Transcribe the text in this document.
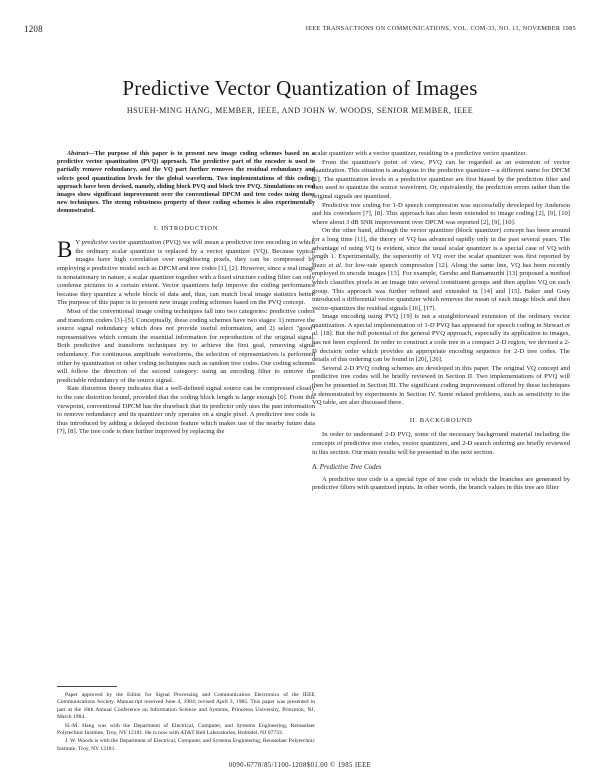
1208	IEEE TRANSACTIONS ON COMMUNICATIONS, VOL. COM-33, NO. 11, NOVEMBER 1985
Predictive Vector Quantization of Images
HSUEH-MING HANG, MEMBER, IEEE, AND JOHN W. WOODS, SENIOR MEMBER, IEEE

Abstract—The purpose of this paper is to present new image coding schemes based on a predictive vector quantization (PVQ) approach. The predictive part of the encoder is used to partially remove redundancy, and the VQ part further removes the residual redundancy and selects good quantization levels for the global waveform. Two implementations of this coding approach have been devised, namely, sliding block PVQ and block tree PVQ. Simulations on real images show significant improvement over the conventional DPCM and tree codes using these new techniques. The strong robustness property of these coding schemes is also experimentally demonstrated.

I. INTRODUCTION

B Y predictive vector quantization (PVQ) we will mean a predictive tree encoding in which the ordinary scalar quantizer is replaced by a vector quantizer (VQ). Because typical images have high correlation over neighboring pixels, they can be compressed by employing a predictive model such as DPCM and tree codes [1], [2]. However, since a real image is nonstationary in nature, a scalar quantizer together with a fixed structure coding filter can only condense pictures to a certain extent. Vector quantizers help improve the coding performance because they quantize a whole block of data and, thus, can match local image statistics better. The purpose of this paper is to present new image coding schemes based on the PVQ concept.

Most of the conventional image coding techniques fall into two categories: predictive coders and transform coders [3]–[5]. Conceptually, these coding schemes have two stages: 1) remove the source signal redundancy which does not provide useful information, and 2) select "good" representatives which contain the essential information for reproduction of the original signal. Both predictive and transform techniques try to achieve the first goal, removing signal redundancy. For continuous amplitude waveforms, the selection of representatives is performed either by quantization or other coding techniques such as random tree codes. Our coding schemes will follow the direction of the second category: using an encoding filter to remove the predictable redundancy of the source signal.

Rate distortion theory indicates that a well-defined signal source can be compressed closely to the rate distortion bound, provided that the coding block length is large enough [6]. From this viewpoint, conventional DPCM has the drawback that its predictor only uses the past information to remove redundancy and its quantizer only operates on a single pixel. A predictive tree code is thus introduced by adding a delayed decision feature which makes use of the nearby future data [7], [8]. The tree code is then further improved by replacing the

scalar quantizer with a vector quantizer, resulting in a predictive vector quantizer.

From the quantizer's point of view, PVQ can be regarded as an extension of vector quantization. This situation is analogous to the predictive quantizer—a different name for DPCM [1]. The quantization levels in a predictive quantizer are first biased by the prediction filter and then used to quantize the source waveform. Or, equivalently, the prediction errors rather than the original signals are quantized.

Predictive tree coding for 1-D speech compression was successfully developed by Anderson and his coworkers [7], [8]. This approach has also been extended to image coding [2], [9], [10] where about 3 dB SNR improvement over DPCM was reported [2], [9], [10].

On the other hand, although the vector quantizer (block quantizer) concept has been around for a long time [11], the theory of VQ has advanced rapidly only in the past several years. The advantage of using VQ is evident, since the usual scalar quantizer is a special case of VQ with length 1. Experimentally, the superiority of VQ over the scalar quantizer was first reported by Buzo et al. for low-rate speech compression [12]. Along the same line, VQ has been recently employed to encode images [13]. For example, Gersho and Ramamurthi [13] proposed a method which classifies pixels in an image into several constituent groups and then applies VQ on each group. This approach was further refined and extended in [14] and [15]. Baker and Gray introduced a differential vector quantizer which removes the mean of each image block and then vector-quantizes the residual signals [16], [17].

Image encoding using PVQ [19] is not a straightforward extension of the ordinary vector quantization. A special implementation of 1-D PVQ has appeared for speech coding in Stewart et al. [18]. But the full potential of the general PVQ approach, especially its application to images, has not been explored. In order to construct a code tree in a compact 2-D region, we devised a 2-D decision order which provides an appropriate encoding sequence for 2-D tree codes. The details of this ordering can be found in [20], [26].

Several 2-D PVQ coding schemes are developed in this paper. The original VQ concept and predictive tree codes will be briefly reviewed in Section II. Two implementations of PVQ will then be presented in Section III. The significant coding improvement offered by these techniques is demonstrated by experiments in Section IV. Some related problems, such as sensitivity to the VQ table, are also discussed there.

II. BACKGROUND

In order to understand 2-D PVQ, some of the necessary background material including the concepts of predictive tree codes, vector quantizers, and 2-D search ordering are briefly reviewed in this section. Our main results will be presented in the next section.

A. Predictive Tree Codes

A predictive tree code is a special type of tree code in which the branches are generated by predictive filters with quantized inputs. In other words, the branch values in this tree are filter

Paper approved by the Editor for Signal Processing and Communication Electronics of the IEEE Communications Society. Manuscript received June 4, 1984; revised April 3, 1985. This paper was presented in part at the 18th Annual Conference on Information Science and Systems, Princeton University, Princeton, NJ, March 1984.

H.-M. Hang was with the Department of Electrical, Computer, and Systems Engineering, Rensselaer Polytechnic Institute, Troy, NY 12181. He is now with AT&T Bell Laboratories, Holmdel, NJ 07733.

J. W. Woods is with the Department of Electrical, Computer, and Systems Engineering, Rensselaer Polytechnic Institute, Troy, NY 12181.

0090-6778/85/1100-1208$01.00 © 1985 IEEE
